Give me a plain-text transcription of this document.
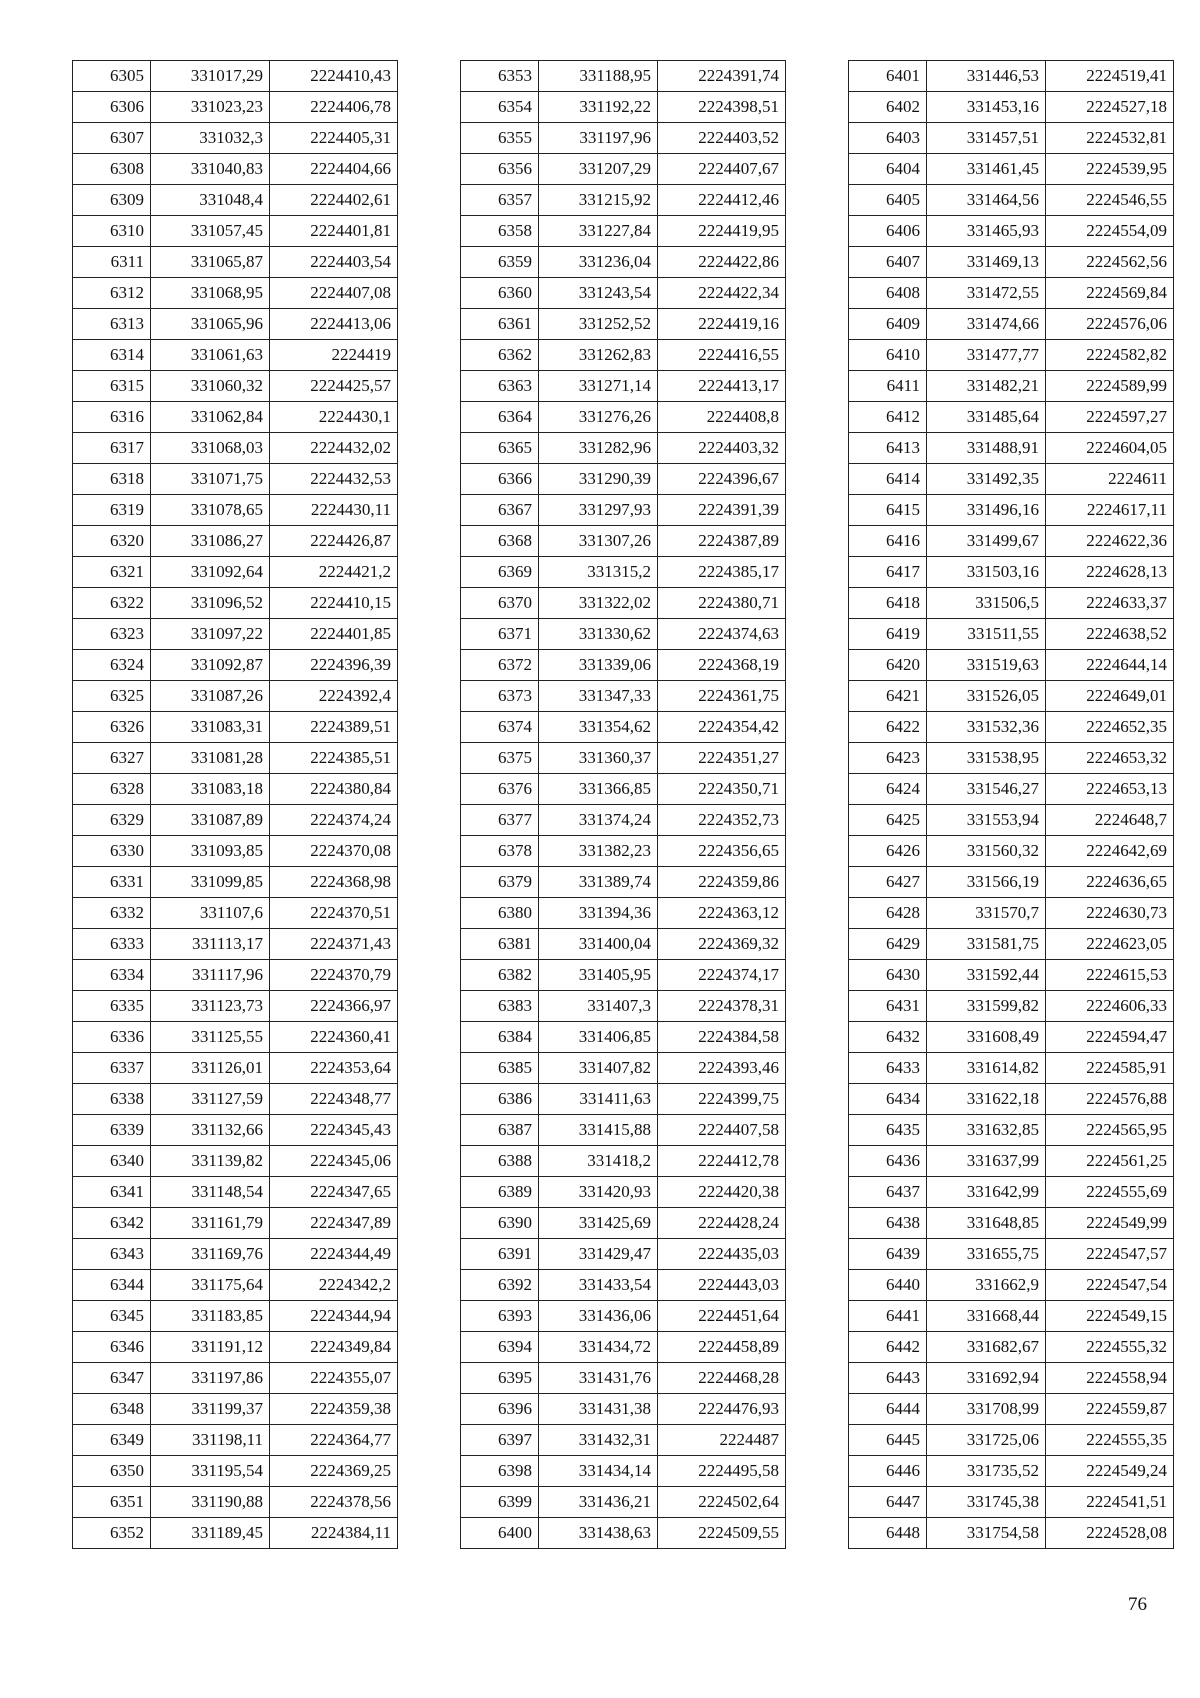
6305	331017,29	2224410,43
6306	331023,23	2224406,78
6307	331032,3	2224405,31
6308	331040,83	2224404,66
6309	331048,4	2224402,61
6310	331057,45	2224401,81
6311	331065,87	2224403,54
6312	331068,95	2224407,08
6313	331065,96	2224413,06
6314	331061,63	2224419
6315	331060,32	2224425,57
6316	331062,84	2224430,1
6317	331068,03	2224432,02
6318	331071,75	2224432,53
6319	331078,65	2224430,11
6320	331086,27	2224426,87
6321	331092,64	2224421,2
6322	331096,52	2224410,15
6323	331097,22	2224401,85
6324	331092,87	2224396,39
6325	331087,26	2224392,4
6326	331083,31	2224389,51
6327	331081,28	2224385,51
6328	331083,18	2224380,84
6329	331087,89	2224374,24
6330	331093,85	2224370,08
6331	331099,85	2224368,98
6332	331107,6	2224370,51
6333	331113,17	2224371,43
6334	331117,96	2224370,79
6335	331123,73	2224366,97
6336	331125,55	2224360,41
6337	331126,01	2224353,64
6338	331127,59	2224348,77
6339	331132,66	2224345,43
6340	331139,82	2224345,06
6341	331148,54	2224347,65
6342	331161,79	2224347,89
6343	331169,76	2224344,49
6344	331175,64	2224342,2
6345	331183,85	2224344,94
6346	331191,12	2224349,84
6347	331197,86	2224355,07
6348	331199,37	2224359,38
6349	331198,11	2224364,77
6350	331195,54	2224369,25
6351	331190,88	2224378,56
6352	331189,45	2224384,11
6353	331188,95	2224391,74
6354	331192,22	2224398,51
6355	331197,96	2224403,52
6356	331207,29	2224407,67
6357	331215,92	2224412,46
6358	331227,84	2224419,95
6359	331236,04	2224422,86
6360	331243,54	2224422,34
6361	331252,52	2224419,16
6362	331262,83	2224416,55
6363	331271,14	2224413,17
6364	331276,26	2224408,8
6365	331282,96	2224403,32
6366	331290,39	2224396,67
6367	331297,93	2224391,39
6368	331307,26	2224387,89
6369	331315,2	2224385,17
6370	331322,02	2224380,71
6371	331330,62	2224374,63
6372	331339,06	2224368,19
6373	331347,33	2224361,75
6374	331354,62	2224354,42
6375	331360,37	2224351,27
6376	331366,85	2224350,71
6377	331374,24	2224352,73
6378	331382,23	2224356,65
6379	331389,74	2224359,86
6380	331394,36	2224363,12
6381	331400,04	2224369,32
6382	331405,95	2224374,17
6383	331407,3	2224378,31
6384	331406,85	2224384,58
6385	331407,82	2224393,46
6386	331411,63	2224399,75
6387	331415,88	2224407,58
6388	331418,2	2224412,78
6389	331420,93	2224420,38
6390	331425,69	2224428,24
6391	331429,47	2224435,03
6392	331433,54	2224443,03
6393	331436,06	2224451,64
6394	331434,72	2224458,89
6395	331431,76	2224468,28
6396	331431,38	2224476,93
6397	331432,31	2224487
6398	331434,14	2224495,58
6399	331436,21	2224502,64
6400	331438,63	2224509,55
6401	331446,53	2224519,41
6402	331453,16	2224527,18
6403	331457,51	2224532,81
6404	331461,45	2224539,95
6405	331464,56	2224546,55
6406	331465,93	2224554,09
6407	331469,13	2224562,56
6408	331472,55	2224569,84
6409	331474,66	2224576,06
6410	331477,77	2224582,82
6411	331482,21	2224589,99
6412	331485,64	2224597,27
6413	331488,91	2224604,05
6414	331492,35	2224611
6415	331496,16	2224617,11
6416	331499,67	2224622,36
6417	331503,16	2224628,13
6418	331506,5	2224633,37
6419	331511,55	2224638,52
6420	331519,63	2224644,14
6421	331526,05	2224649,01
6422	331532,36	2224652,35
6423	331538,95	2224653,32
6424	331546,27	2224653,13
6425	331553,94	2224648,7
6426	331560,32	2224642,69
6427	331566,19	2224636,65
6428	331570,7	2224630,73
6429	331581,75	2224623,05
6430	331592,44	2224615,53
6431	331599,82	2224606,33
6432	331608,49	2224594,47
6433	331614,82	2224585,91
6434	331622,18	2224576,88
6435	331632,85	2224565,95
6436	331637,99	2224561,25
6437	331642,99	2224555,69
6438	331648,85	2224549,99
6439	331655,75	2224547,57
6440	331662,9	2224547,54
6441	331668,44	2224549,15
6442	331682,67	2224555,32
6443	331692,94	2224558,94
6444	331708,99	2224559,87
6445	331725,06	2224555,35
6446	331735,52	2224549,24
6447	331745,38	2224541,51
6448	331754,58	2224528,08
76
